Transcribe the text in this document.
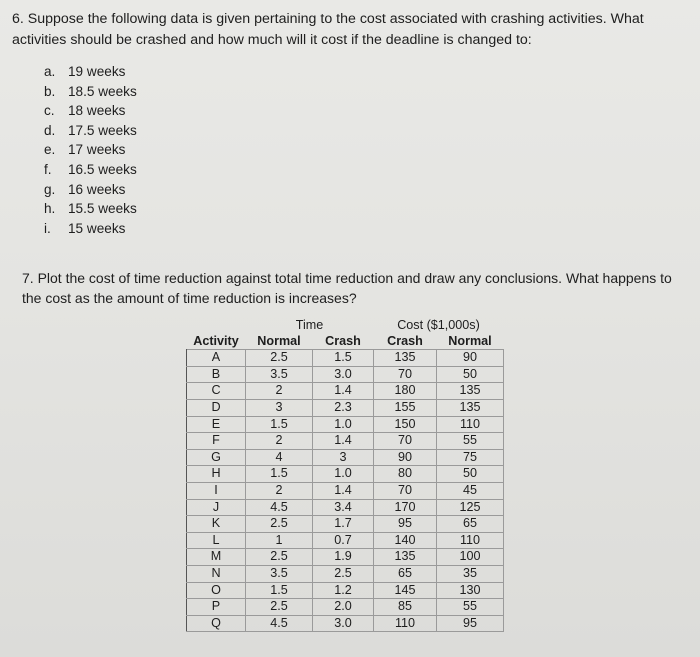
6. Suppose the following data is given pertaining to the cost associated with crashing activities. What activities should be crashed and how much will it cost if the deadline is changed to:
a. 19 weeks
b. 18.5 weeks
c. 18 weeks
d. 17.5 weeks
e. 17 weeks
f.	16.5 weeks
g. 16 weeks
h. 15.5 weeks
i.	15 weeks
7. Plot the cost of time reduction against total time reduction and draw any conclusions. What happens to the cost as the amount of time reduction is increases?
	Time		Cost ($1,000s)	
Activity	Normal	Crash	Crash	Normal
A	2.5	1.5	135	90
B	3.5	3.0	70	50
C	2	1.4	180	135
D	3	2.3	155	135
E	1.5	1.0	150	110
F	2	1.4	70	55
G	4	3	90	75
H	1.5	1.0	80	50
I	2	1.4	70	45
J	4.5	3.4	170	125
K	2.5	1.7	95	65
L	1	0.7	140	110
M	2.5	1.9	135	100
N	3.5	2.5	65	35
O	1.5	1.2	145	130
P	2.5	2.0	85	55
Q	4.5	3.0	110	95
